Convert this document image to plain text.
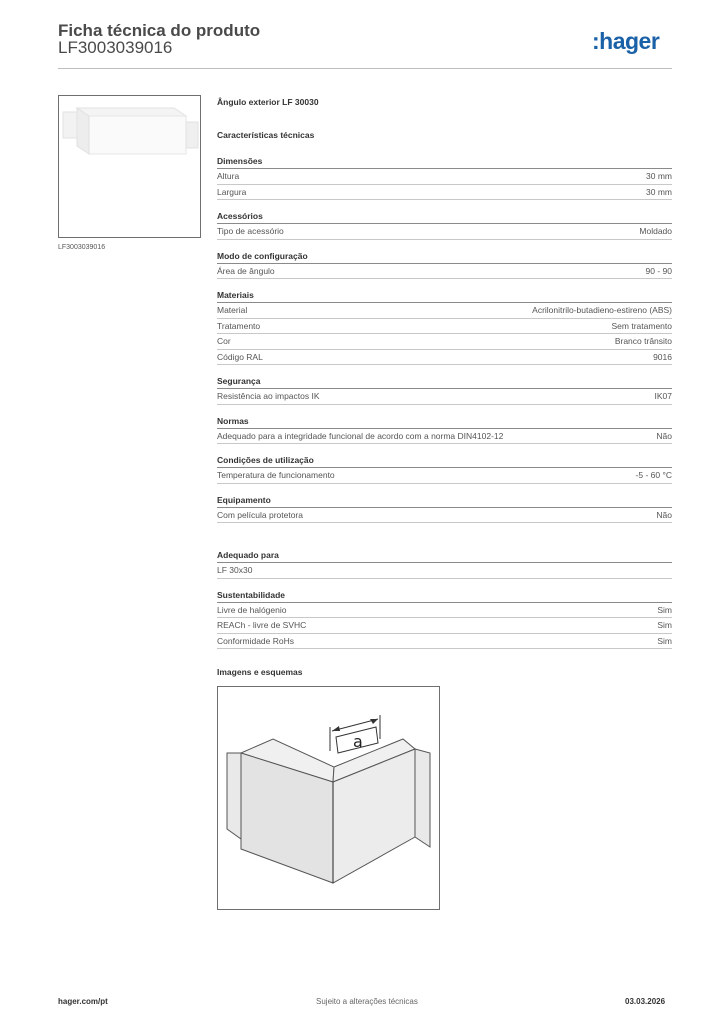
Ficha técnica do produto
LF3003039016	:hager
LF3003039016
Ângulo exterior LF 30030
Características técnicas
Dimensões
Altura	30 mm
Largura	30 mm
Acessórios
Tipo de acessório	Moldado
Modo de configuração
Área de ângulo	90 - 90
Materiais
Material	Acrilonitrilo-butadieno-estireno (ABS)
Tratamento	Sem tratamento
Cor	Branco trânsito
Código RAL	9016
Segurança
Resistência ao impactos IK	IK07
Normas
Adequado para a integridade funcional de acordo com a norma DIN4102-12	Não
Condições de utilização
Temperatura de funcionamento	-5 - 60 °C
Equipamento
Com película protetora	Não
Adequado para
LF 30x30
Sustentabilidade
Livre de halógenio	Sim
REACh - livre de SVHC	Sim
Conformidade RoHs	Sim
Imagens e esquemas
a
hager.com/pt	Sujeito a alterações técnicas	03.03.2026
